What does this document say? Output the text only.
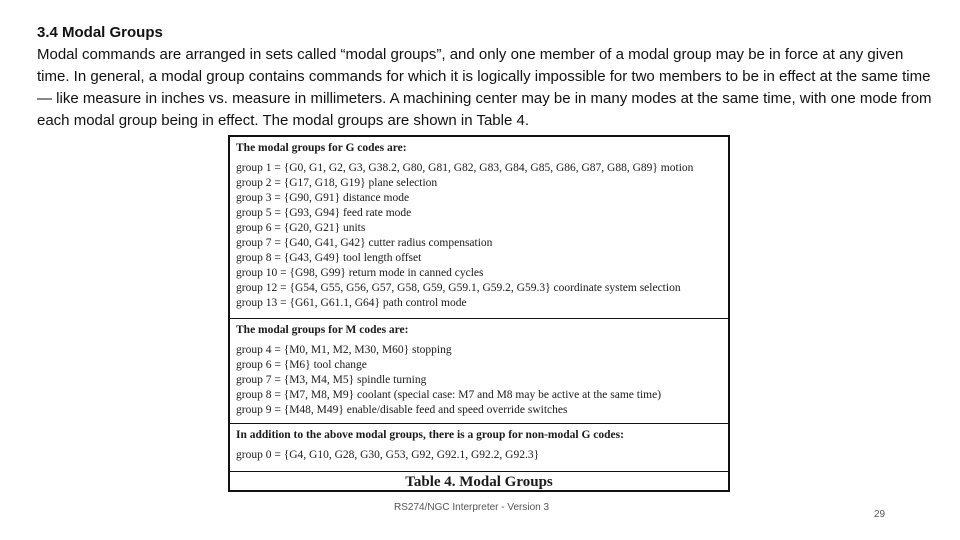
3.4 Modal Groups

Modal commands are arranged in sets called “modal groups”, and only one member of a modal group may be in force at any given time. In general, a modal group contains commands for which it is logically impossible for two members to be in effect at the same time — like measure in inches vs. measure in millimeters. A machining center may be in many modes at the same time, with one mode from each modal group being in effect. The modal groups are shown in Table 4.

The modal groups for G codes are:
group 1 = {G0, G1, G2, G3, G38.2, G80, G81, G82, G83, G84, G85, G86, G87, G88, G89} motion
group 2 = {G17, G18, G19} plane selection
group 3 = {G90, G91} distance mode
group 5 = {G93, G94} feed rate mode
group 6 = {G20, G21} units
group 7 = {G40, G41, G42} cutter radius compensation
group 8 = {G43, G49} tool length offset
group 10 = {G98, G99} return mode in canned cycles
group 12 = {G54, G55, G56, G57, G58, G59, G59.1, G59.2, G59.3} coordinate system selection
group 13 = {G61, G61.1, G64} path control mode
The modal groups for M codes are:
group 4 = {M0, M1, M2, M30, M60} stopping
group 6 = {M6} tool change
group 7 = {M3, M4, M5} spindle turning
group 8 = {M7, M8, M9} coolant (special case: M7 and M8 may be active at the same time)
group 9 = {M48, M49} enable/disable feed and speed override switches
In addition to the above modal groups, there is a group for non-modal G codes:
group 0 = {G4, G10, G28, G30, G53, G92, G92.1, G92.2, G92.3}
Table 4. Modal Groups
RS274/NGC Interpreter - Version 3
29
